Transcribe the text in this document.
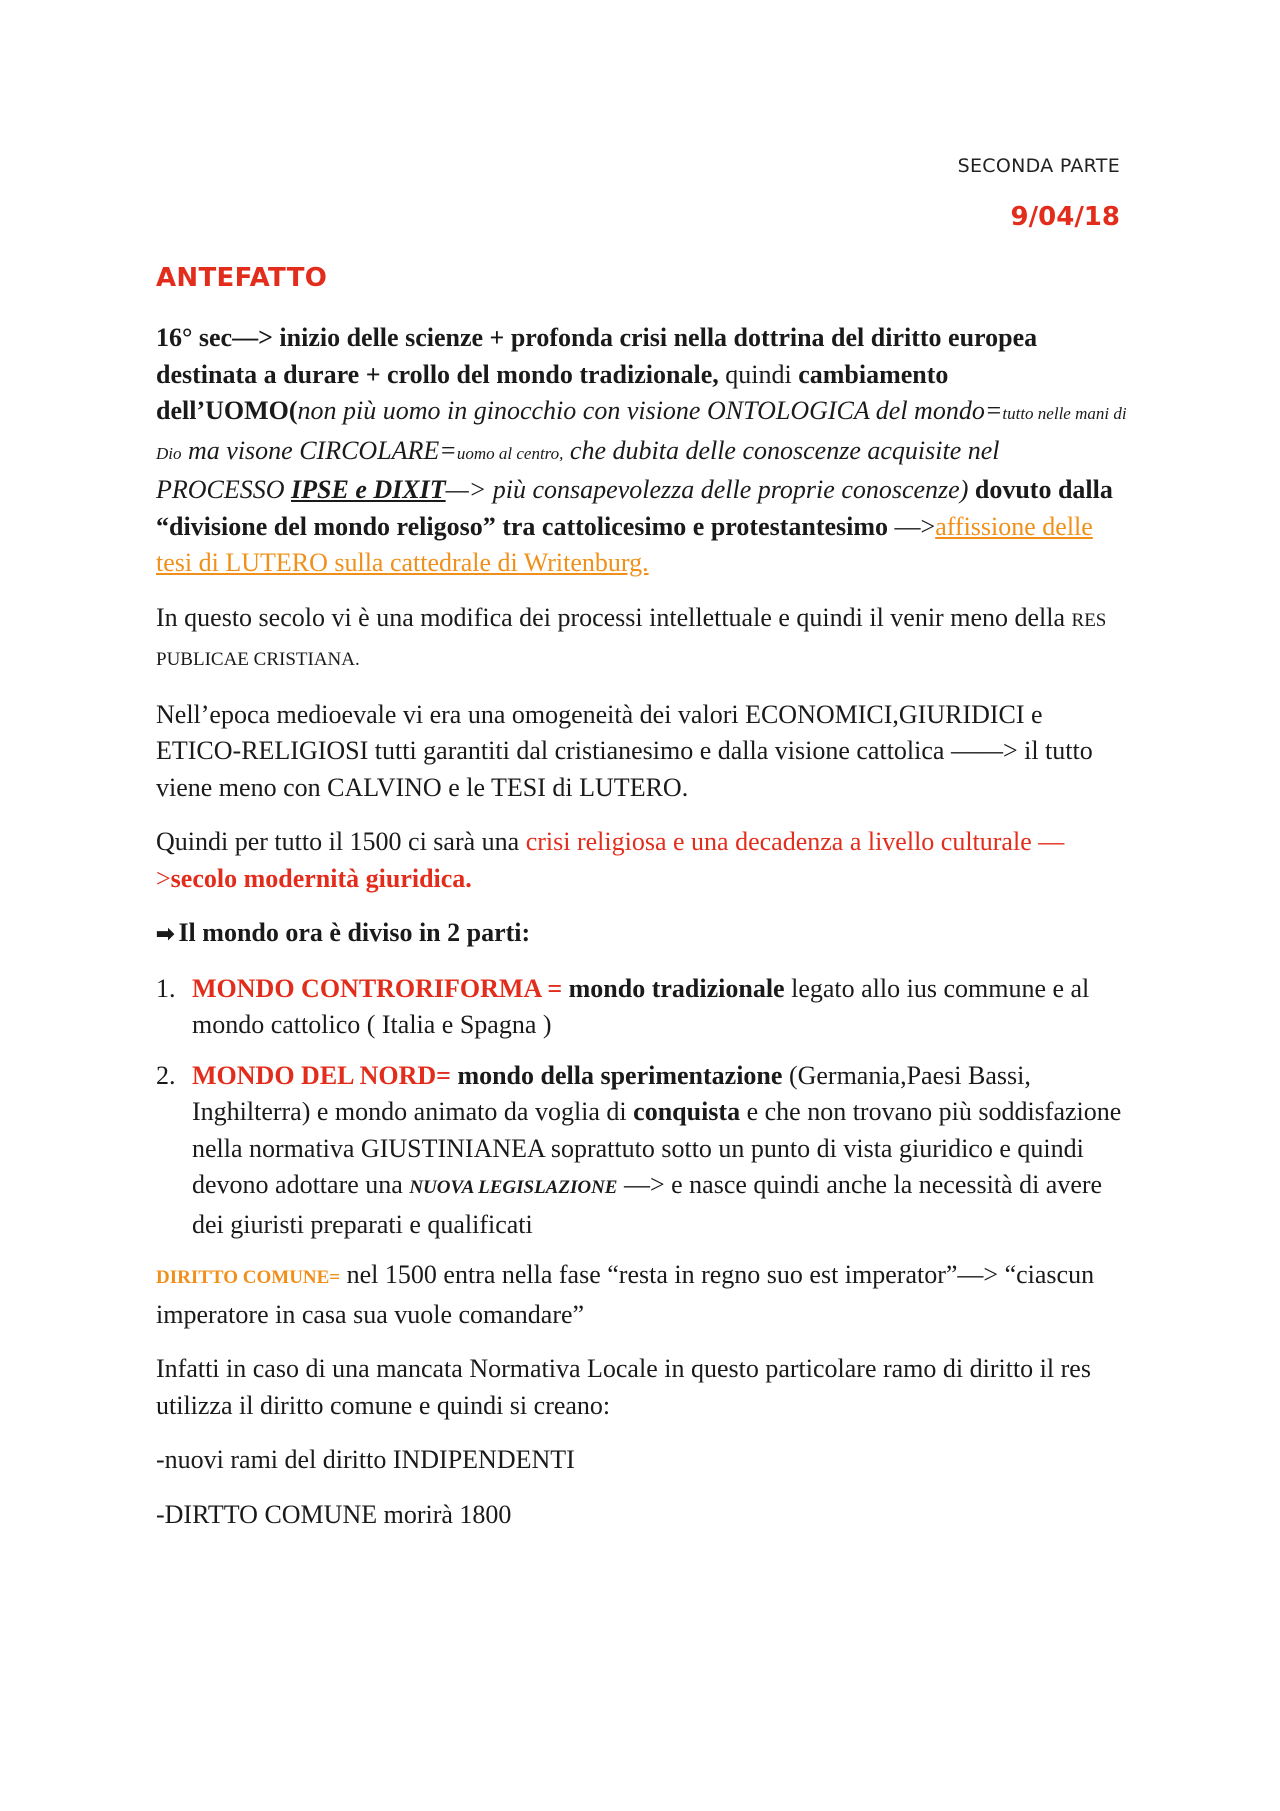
SECONDA PARTE
9/04/18
ANTEFATTO

16° sec—> inizio delle scienze + profonda crisi nella dottrina del diritto europea destinata a durare + crollo del mondo tradizionale, quindi cambiamento dell’UOMO(non più uomo in ginocchio con visione ONTOLOGICA del mondo=tutto nelle mani di Dio ma visone CIRCOLARE=uomo al centro, che dubita delle conoscenze acquisite nel PROCESSO IPSE e DIXIT—> più consapevolezza delle proprie conoscenze) dovuto dalla “divisione del mondo religoso” tra cattolicesimo e protestantesimo —>affissione delle tesi di LUTERO sulla cattedrale di Writenburg.

In questo secolo vi è una modifica dei processi intellettuale e quindi il venir meno della RES PUBLICAE CRISTIANA.

Nell’epoca medioevale vi era una omogeneità dei valori ECONOMICI,GIURIDICI e ETICO-RELIGIOSI tutti garantiti dal cristianesimo e dalla visione cattolica ——> il tutto viene meno con CALVINO e le TESI di LUTERO.

Quindi per tutto il 1500 ci sarà una crisi religiosa e una decadenza a livello culturale —>secolo modernità giuridica.

➡ Il mondo ora è diviso in 2 parti:

1. MONDO CONTRORIFORMA = mondo tradizionale legato allo ius commune e al mondo cattolico ( Italia e Spagna )
2. MONDO DEL NORD= mondo della sperimentazione (Germania,Paesi Bassi, Inghilterra) e mondo animato da voglia di conquista e che non trovano più soddisfazione nella normativa GIUSTINIANEA soprattuto sotto un punto di vista giuridico e quindi devono adottare una NUOVA LEGISLAZIONE —> e nasce quindi anche la necessità di avere dei giuristi preparati e qualificati

DIRITTO COMUNE= nel 1500 entra nella fase “resta in regno suo est imperator”—> “ciascun imperatore in casa sua vuole comandare”

Infatti in caso di una mancata Normativa Locale in questo particolare ramo di diritto il res utilizza il diritto comune e quindi si creano:

-nuovi rami del diritto INDIPENDENTI

-DIRTTO COMUNE morirà 1800
